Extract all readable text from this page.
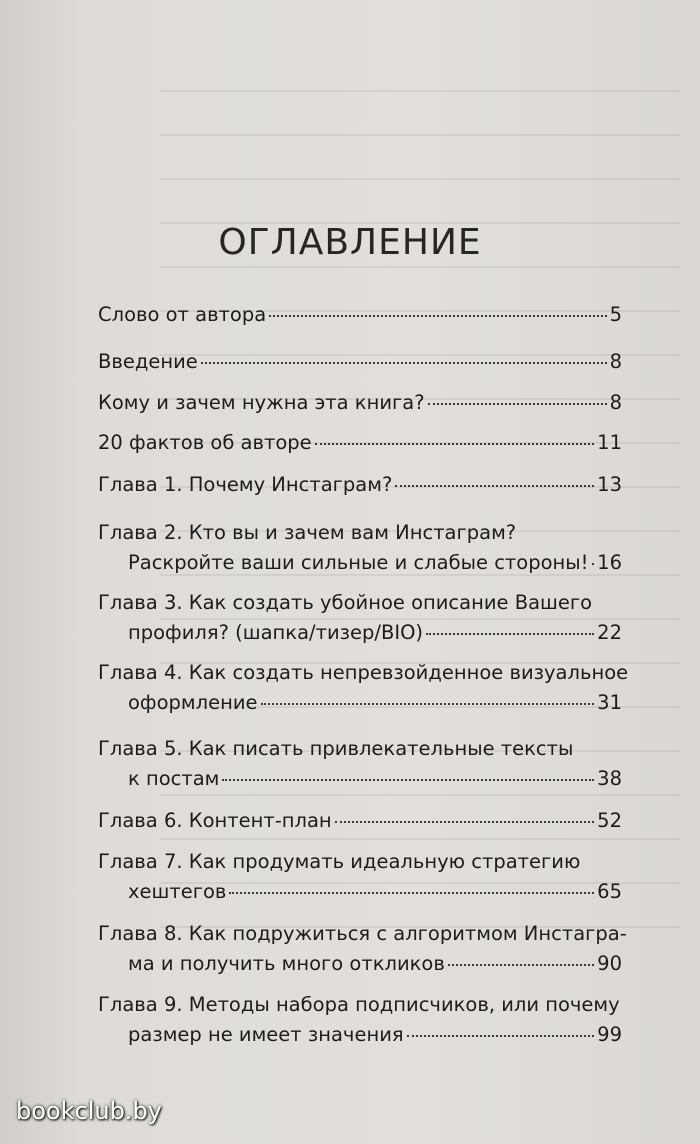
ОГЛАВЛЕНИЕ
Слово от автора	5
Введение	8
Кому и зачем нужна эта книга?	8
20 фактов об авторе	11
Глава 1. Почему Инстаграм?	13
Глава 2. Кто вы и зачем вам Инстаграм?
Раскройте ваши сильные и слабые стороны! 16
Глава 3. Как создать убойное описание Вашего
профиля? (шапка/тизер/BIO)	22
Глава 4. Как создать непревзойденное визуальное
оформление	31
Глава 5. Как писать привлекательные тексты
к постам	38
Глава 6. Контент-план	52
Глава 7. Как продумать идеальную стратегию
хештегов	65
Глава 8. Как подружиться с алгоритмом Инстагра-
ма и получить много откликов	90
Глава 9. Методы набора подписчиков, или почему
размер не имеет значения	99
bookclub.by
